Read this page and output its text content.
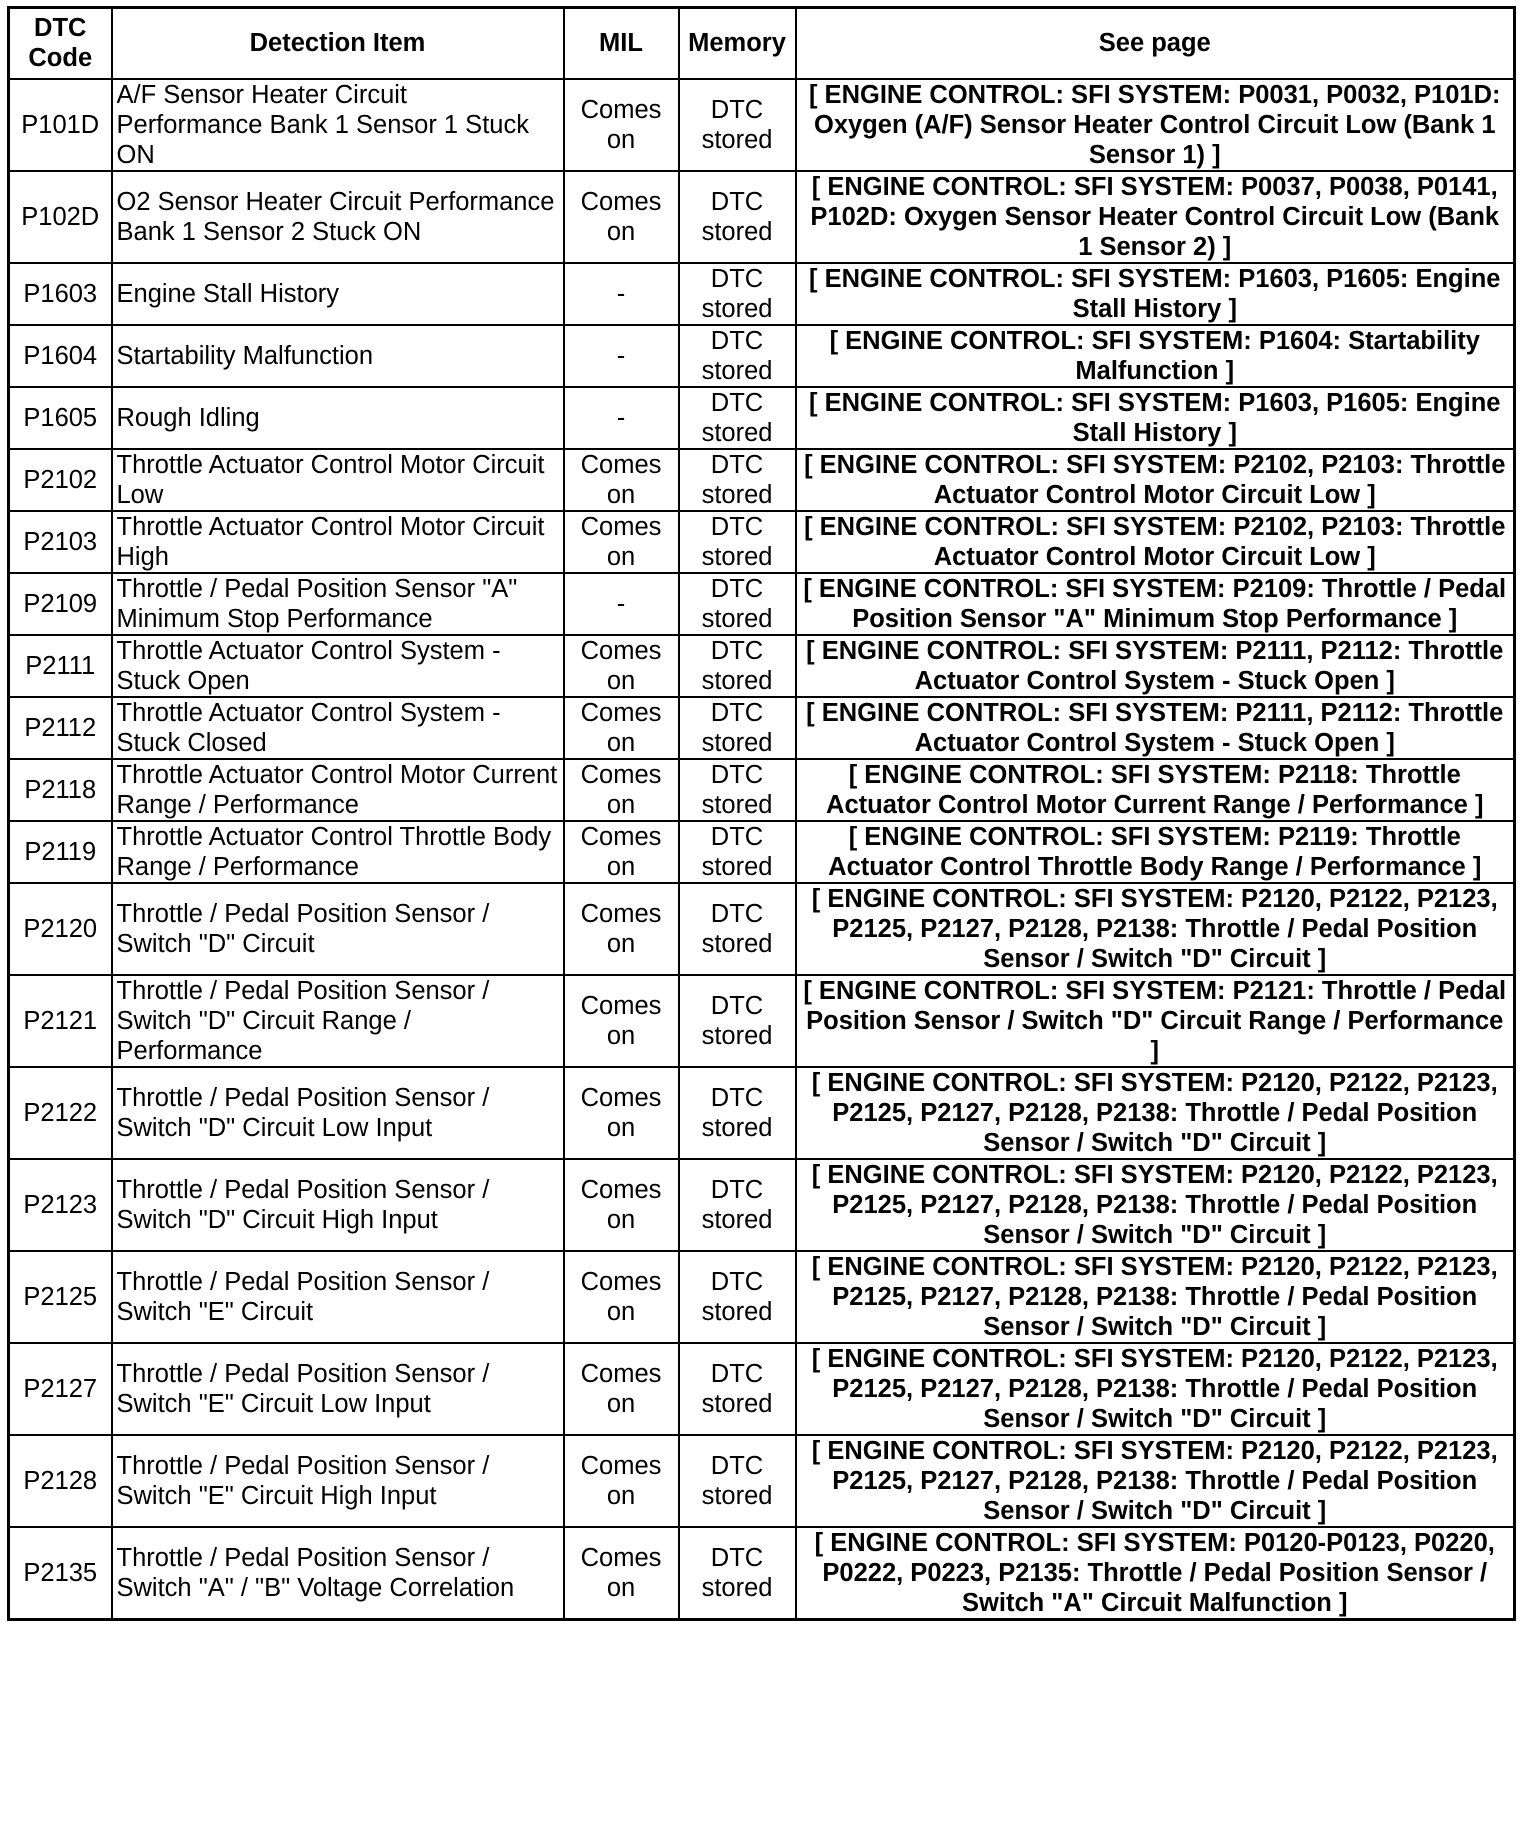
DTC
Code	Detection Item	MIL	Memory	See page
P101D	A/F Sensor Heater Circuit Performance Bank 1 Sensor 1 Stuck ON	Comes on	DTC stored	[ ENGINE CONTROL: SFI SYSTEM: P0031, P0032, P101D: Oxygen (A/F) Sensor Heater Control Circuit Low (Bank 1 Sensor 1) ]
P102D	O2 Sensor Heater Circuit Performance Bank 1 Sensor 2 Stuck ON	Comes on	DTC stored	[ ENGINE CONTROL: SFI SYSTEM: P0037, P0038, P0141, P102D: Oxygen Sensor Heater Control Circuit Low (Bank 1 Sensor 2) ]
P1603	Engine Stall History	-	DTC stored	[ ENGINE CONTROL: SFI SYSTEM: P1603, P1605: Engine Stall History ]
P1604	Startability Malfunction	-	DTC stored	[ ENGINE CONTROL: SFI SYSTEM: P1604: Startability Malfunction ]
P1605	Rough Idling	-	DTC stored	[ ENGINE CONTROL: SFI SYSTEM: P1603, P1605: Engine Stall History ]
P2102	Throttle Actuator Control Motor Circuit Low	Comes on	DTC stored	[ ENGINE CONTROL: SFI SYSTEM: P2102, P2103: Throttle Actuator Control Motor Circuit Low ]
P2103	Throttle Actuator Control Motor Circuit High	Comes on	DTC stored	[ ENGINE CONTROL: SFI SYSTEM: P2102, P2103: Throttle Actuator Control Motor Circuit Low ]
P2109	Throttle / Pedal Position Sensor "A" Minimum Stop Performance	-	DTC stored	[ ENGINE CONTROL: SFI SYSTEM: P2109: Throttle / Pedal Position Sensor "A" Minimum Stop Performance ]
P2111	Throttle Actuator Control System - Stuck Open	Comes on	DTC stored	[ ENGINE CONTROL: SFI SYSTEM: P2111, P2112: Throttle Actuator Control System - Stuck Open ]
P2112	Throttle Actuator Control System - Stuck Closed	Comes on	DTC stored	[ ENGINE CONTROL: SFI SYSTEM: P2111, P2112: Throttle Actuator Control System - Stuck Open ]
P2118	Throttle Actuator Control Motor Current Range / Performance	Comes on	DTC stored	[ ENGINE CONTROL: SFI SYSTEM: P2118: Throttle Actuator Control Motor Current Range / Performance ]
P2119	Throttle Actuator Control Throttle Body Range / Performance	Comes on	DTC stored	[ ENGINE CONTROL: SFI SYSTEM: P2119: Throttle Actuator Control Throttle Body Range / Performance ]
P2120	Throttle / Pedal Position Sensor / Switch "D" Circuit	Comes on	DTC stored	[ ENGINE CONTROL: SFI SYSTEM: P2120, P2122, P2123, P2125, P2127, P2128, P2138: Throttle / Pedal Position Sensor / Switch "D" Circuit ]
P2121	Throttle / Pedal Position Sensor / Switch "D" Circuit Range / Performance	Comes on	DTC stored	[ ENGINE CONTROL: SFI SYSTEM: P2121: Throttle / Pedal Position Sensor / Switch "D" Circuit Range / Performance ]
P2122	Throttle / Pedal Position Sensor / Switch "D" Circuit Low Input	Comes on	DTC stored	[ ENGINE CONTROL: SFI SYSTEM: P2120, P2122, P2123, P2125, P2127, P2128, P2138: Throttle / Pedal Position Sensor / Switch "D" Circuit ]
P2123	Throttle / Pedal Position Sensor / Switch "D" Circuit High Input	Comes on	DTC stored	[ ENGINE CONTROL: SFI SYSTEM: P2120, P2122, P2123, P2125, P2127, P2128, P2138: Throttle / Pedal Position Sensor / Switch "D" Circuit ]
P2125	Throttle / Pedal Position Sensor / Switch "E" Circuit	Comes on	DTC stored	[ ENGINE CONTROL: SFI SYSTEM: P2120, P2122, P2123, P2125, P2127, P2128, P2138: Throttle / Pedal Position Sensor / Switch "D" Circuit ]
P2127	Throttle / Pedal Position Sensor / Switch "E" Circuit Low Input	Comes on	DTC stored	[ ENGINE CONTROL: SFI SYSTEM: P2120, P2122, P2123, P2125, P2127, P2128, P2138: Throttle / Pedal Position Sensor / Switch "D" Circuit ]
P2128	Throttle / Pedal Position Sensor / Switch "E" Circuit High Input	Comes on	DTC stored	[ ENGINE CONTROL: SFI SYSTEM: P2120, P2122, P2123, P2125, P2127, P2128, P2138: Throttle / Pedal Position Sensor / Switch "D" Circuit ]
P2135	Throttle / Pedal Position Sensor / Switch "A" / "B" Voltage Correlation	Comes on	DTC stored	[ ENGINE CONTROL: SFI SYSTEM: P0120-P0123, P0220, P0222, P0223, P2135: Throttle / Pedal Position Sensor / Switch "A" Circuit Malfunction ]
